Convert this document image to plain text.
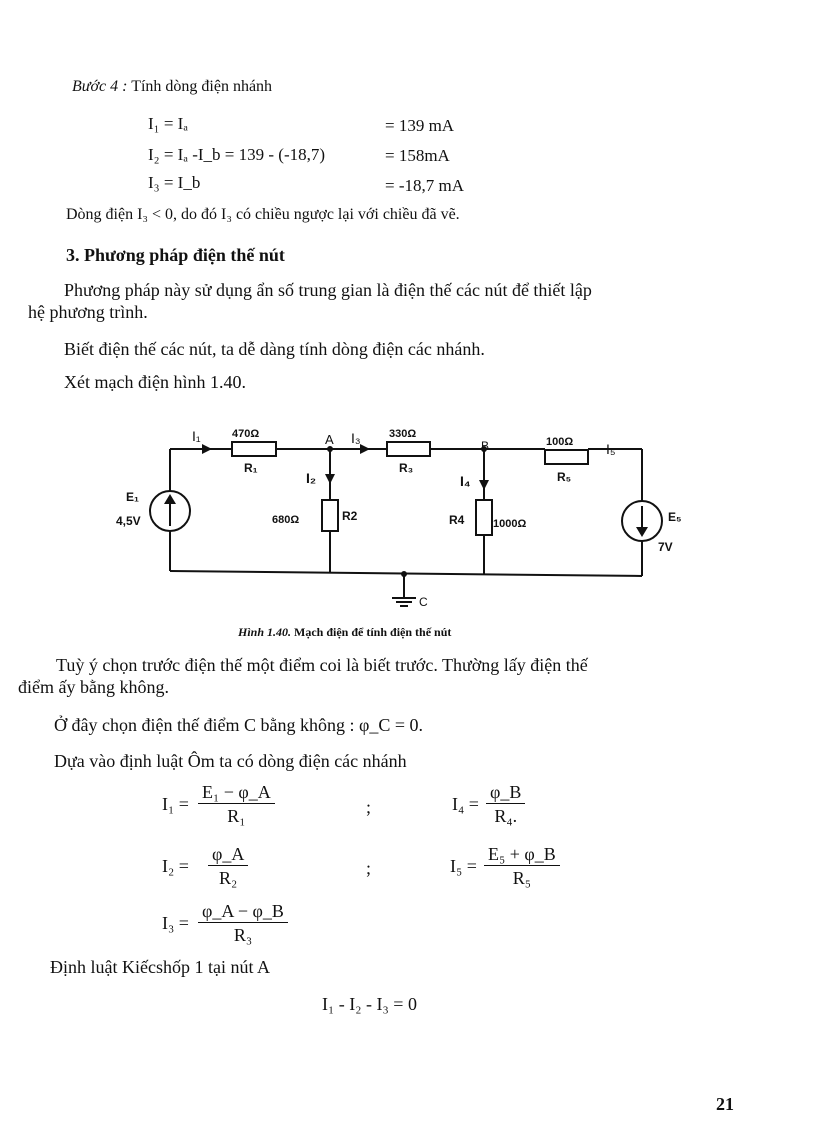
Bước 4 : Tính dòng điện nhánh
I₁ = Iₐ	= 139 mA
I₂ = Iₐ -I_b = 139 - (-18,7)	= 158mA
I₃ = I_b	= -18,7 mA
Dòng điện I₃ < 0, do đó I₃ có chiều ngược lại với chiều đã vẽ.
3. Phương pháp điện thế nút
Phương pháp này sử dụng ẩn số trung gian là điện thế các nút để thiết lập
hệ phương trình.
Biết điện thế các nút, ta dễ dàng tính dòng điện các nhánh.
Xét mạch điện hình 1.40.
I₁	470Ω
R₁
A I₃	330Ω
R₃
B	100Ω I₅
R₅
I₂	I₄
E₁
4,5V	680Ω	R2	R4	1000Ω	E₅
7V
C
Hình 1.40. Mạch điện để tính điện thế nút
Tuỳ ý chọn trước điện thế một điểm coi là biết trước. Thường lấy điện thế
điểm ấy bằng không.
Ở đây chọn điện thế điểm C bằng không : φ_C = 0.
Dựa vào định luật Ôm ta có dòng điện các nhánh
$I_1 = \frac{\text{E₁ − φ\_A}}{\text{R₁}}$	;	$I_4 = \frac{\varphi\_B}{\text{R₄.}}$
$I_2 = \frac{\varphi\_A}{\text{R₂}}$	;	$I_5 = \frac{\text{E₅ + φ\_B}}{\text{R₅}}$
$I_3 = \frac{\varphi\_A - \varphi\_B}{\text{R₃}}$
Định luật Kiếcshốp 1 tại nút A
I₁ - I₂ - I₃ = 0
21
